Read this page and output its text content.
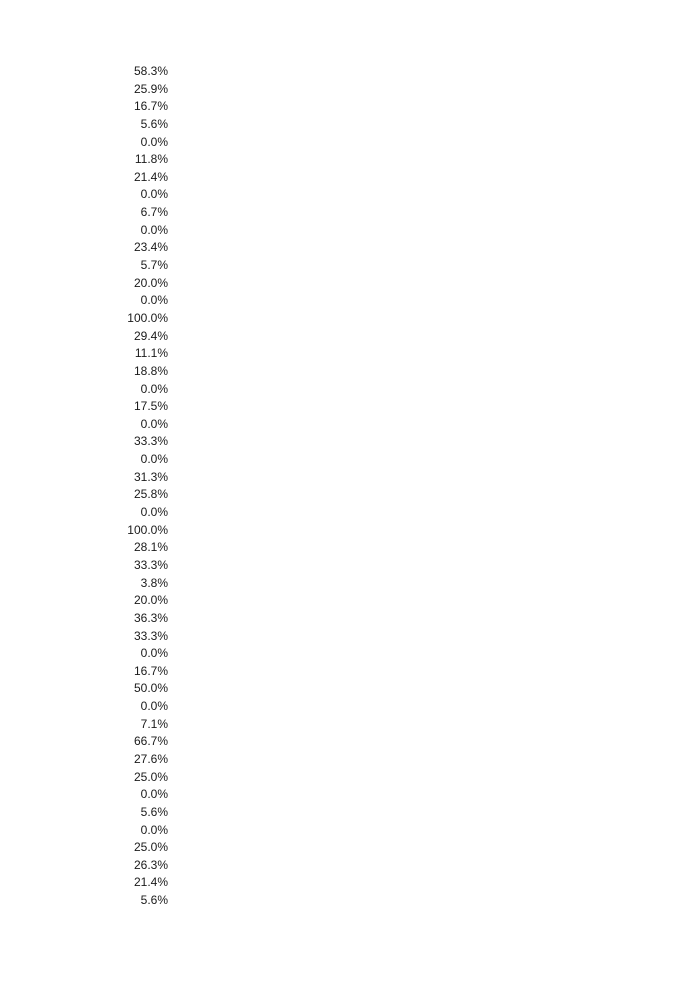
58.3%
25.9%
16.7%
5.6%
0.0%
11.8%
21.4%
0.0%
6.7%
0.0%
23.4%
5.7%
20.0%
0.0%
100.0%
29.4%
11.1%
18.8%
0.0%
17.5%
0.0%
33.3%
0.0%
31.3%
25.8%
0.0%
100.0%
28.1%
33.3%
3.8%
20.0%
36.3%
33.3%
0.0%
16.7%
50.0%
0.0%
7.1%
66.7%
27.6%
25.0%
0.0%
5.6%
0.0%
25.0%
26.3%
21.4%
5.6%
